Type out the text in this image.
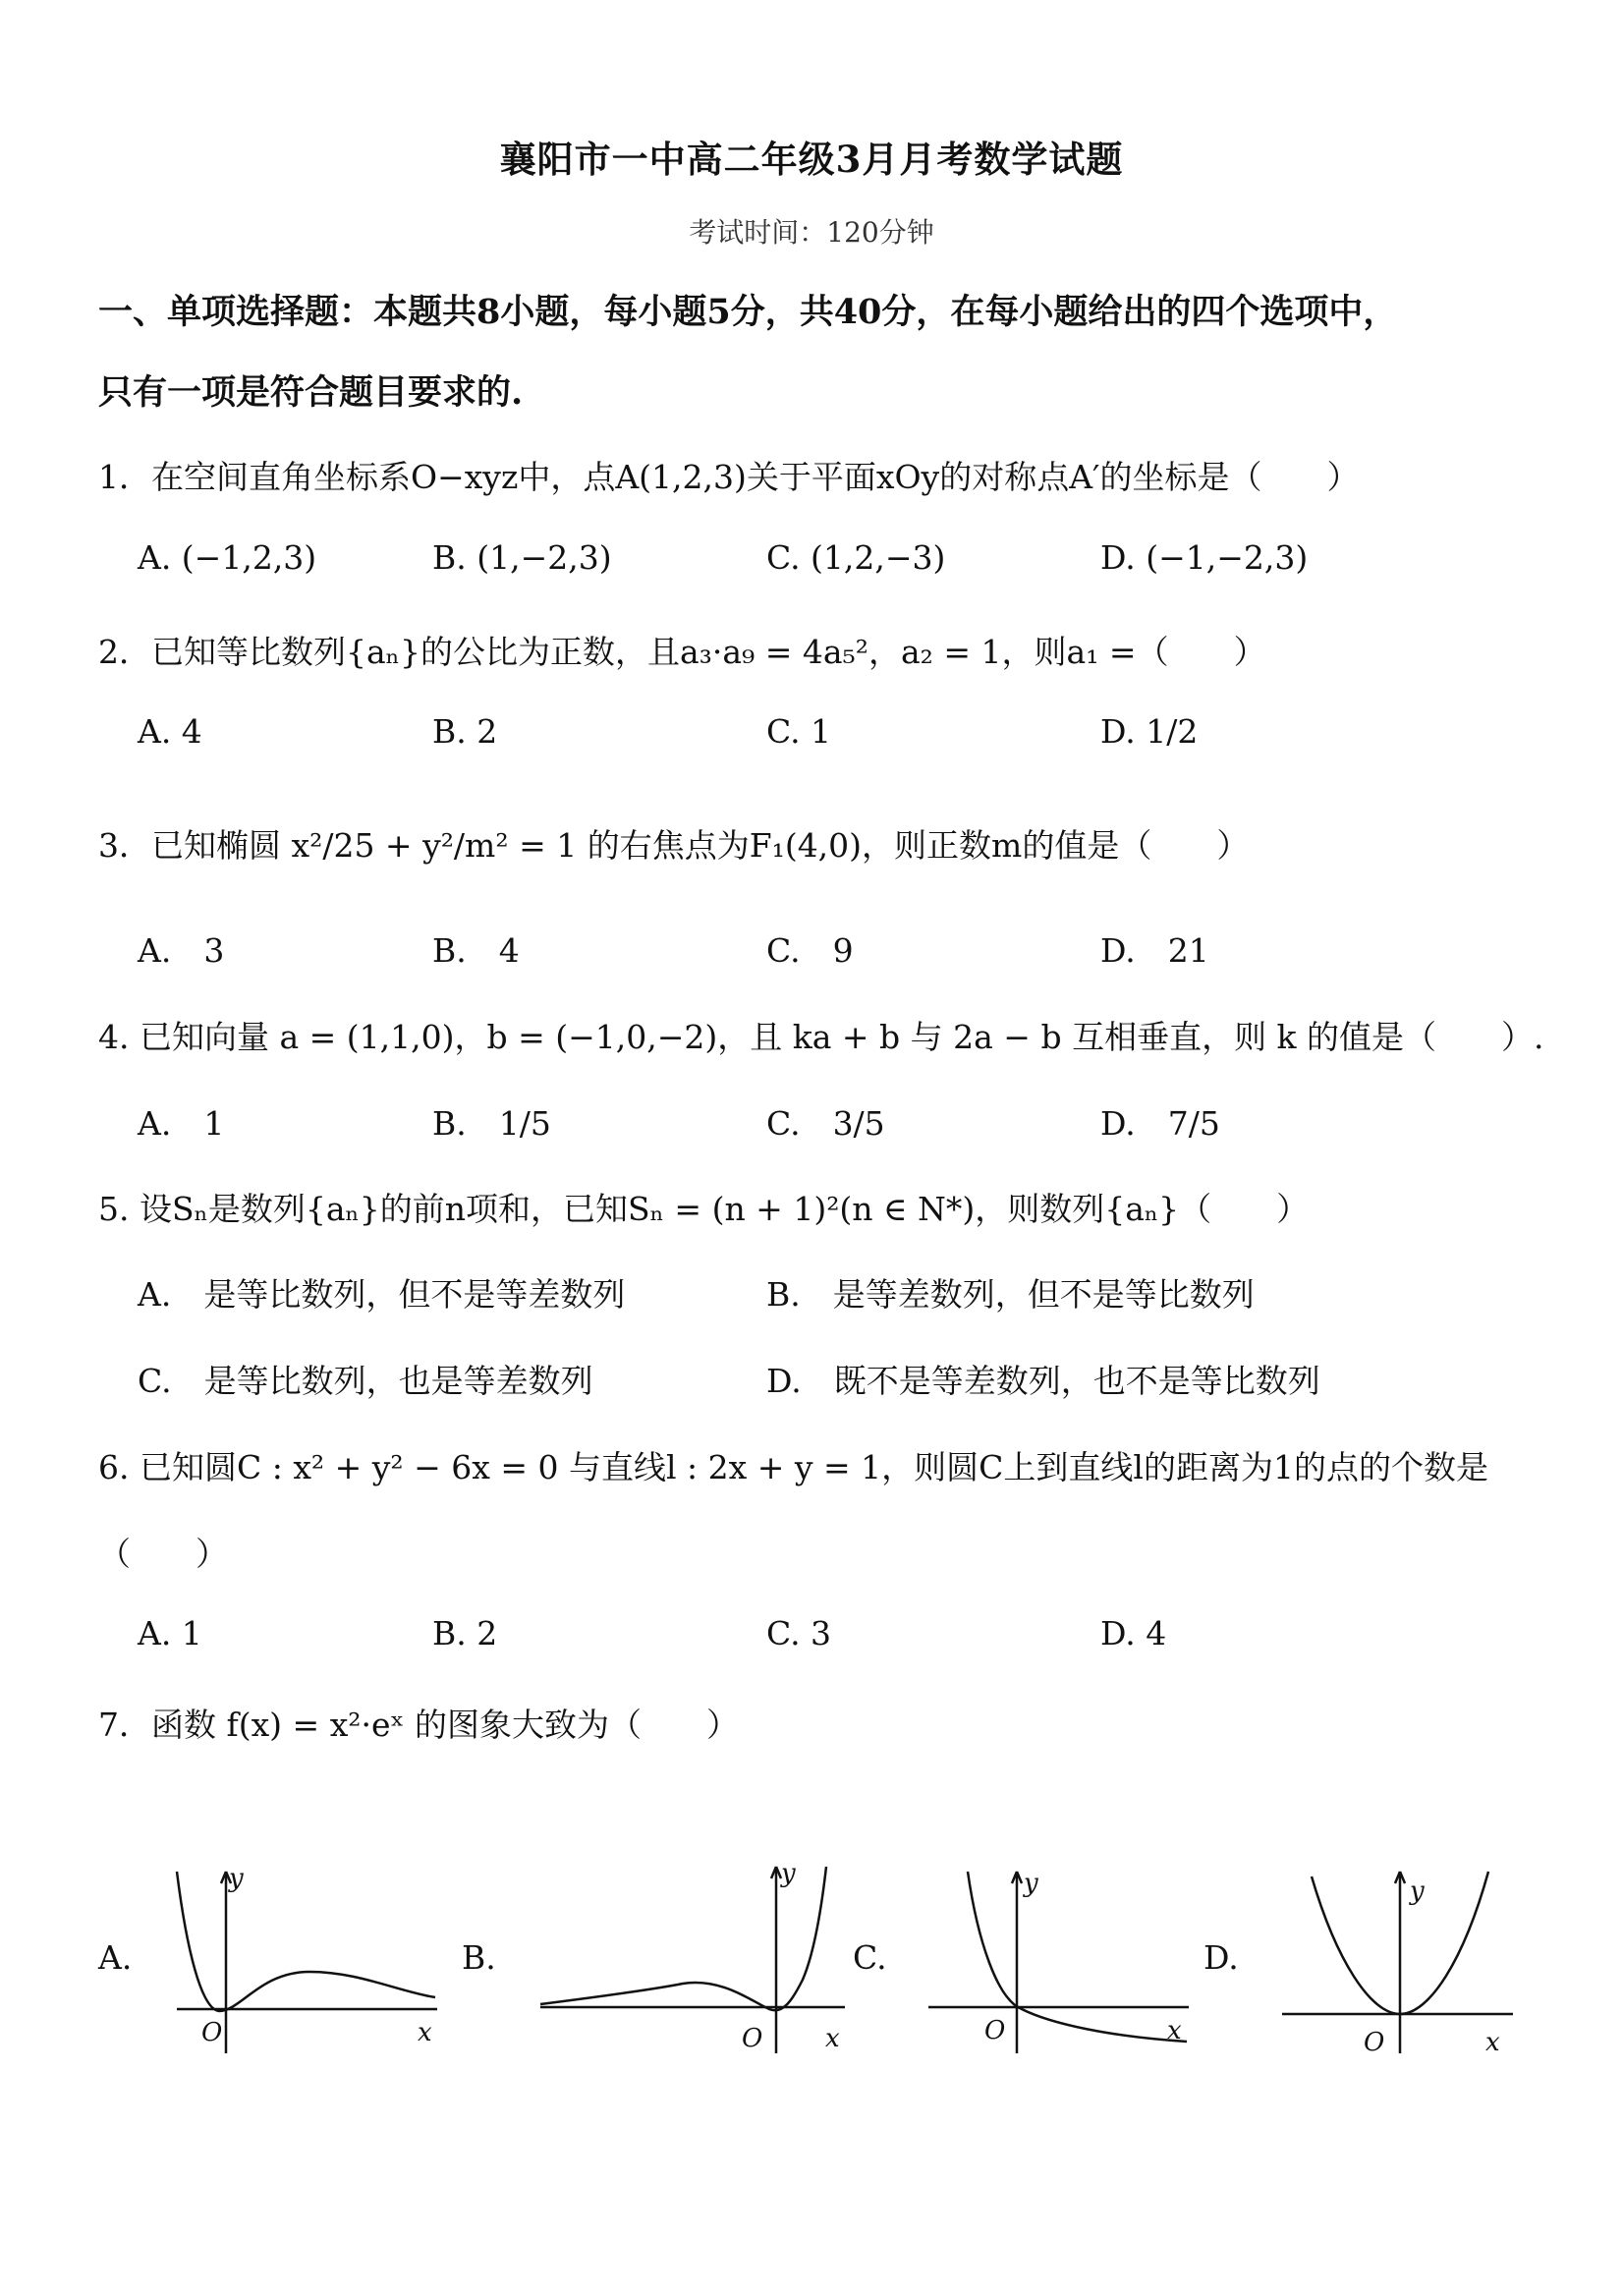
襄阳市一中高二年级3月月考数学试题
考试时间：120分钟
一、单项选择题：本题共8小题，每小题5分，共40分，在每小题给出的四个选项中，
只有一项是符合题目要求的.
1．在空间直角坐标系O−xyz中，点A(1,2,3)关于平面xOy的对称点A′的坐标是（　　）
A. (−1,2,3)	B. (1,−2,3)	C. (1,2,−3)	D. (−1,−2,3)
2．已知等比数列{aₙ}的公比为正数，且a₃·a₉ = 4a₅²，a₂ = 1，则a₁ =（　　）
A. 4	B. 2	C. 1	D. 1/2
3．已知椭圆 x²/25 + y²/m² = 1 的右焦点为F₁(4,0)，则正数m的值是（　　）
A.　3	B.　4	C.　9	D.　21
4. 已知向量 a = (1,1,0)，b = (−1,0,−2)，且 ka + b 与 2a − b 互相垂直，则 k 的值是（　　）.
A.　1	B.　1/5	C.　3/5	D.　7/5
5. 设Sₙ是数列{aₙ}的前n项和，已知Sₙ = (n + 1)²(n ∈ N*)，则数列{aₙ}（　　）
A.　是等比数列，但不是等差数列	B.　是等差数列，但不是等比数列
C.　是等比数列，也是等差数列	D.　既不是等差数列，也不是等比数列
6. 已知圆C : x² + y² − 6x = 0 与直线l : 2x + y = 1，则圆C上到直线l的距离为1的点的个数是
（　　）
A. 1	B. 2	C. 3	D. 4
7．函数 f(x) = x²·eˣ 的图象大致为（　　）
A.	B.	C.	D.
y
O	x
y
O x
y
O	x
y
O	x
